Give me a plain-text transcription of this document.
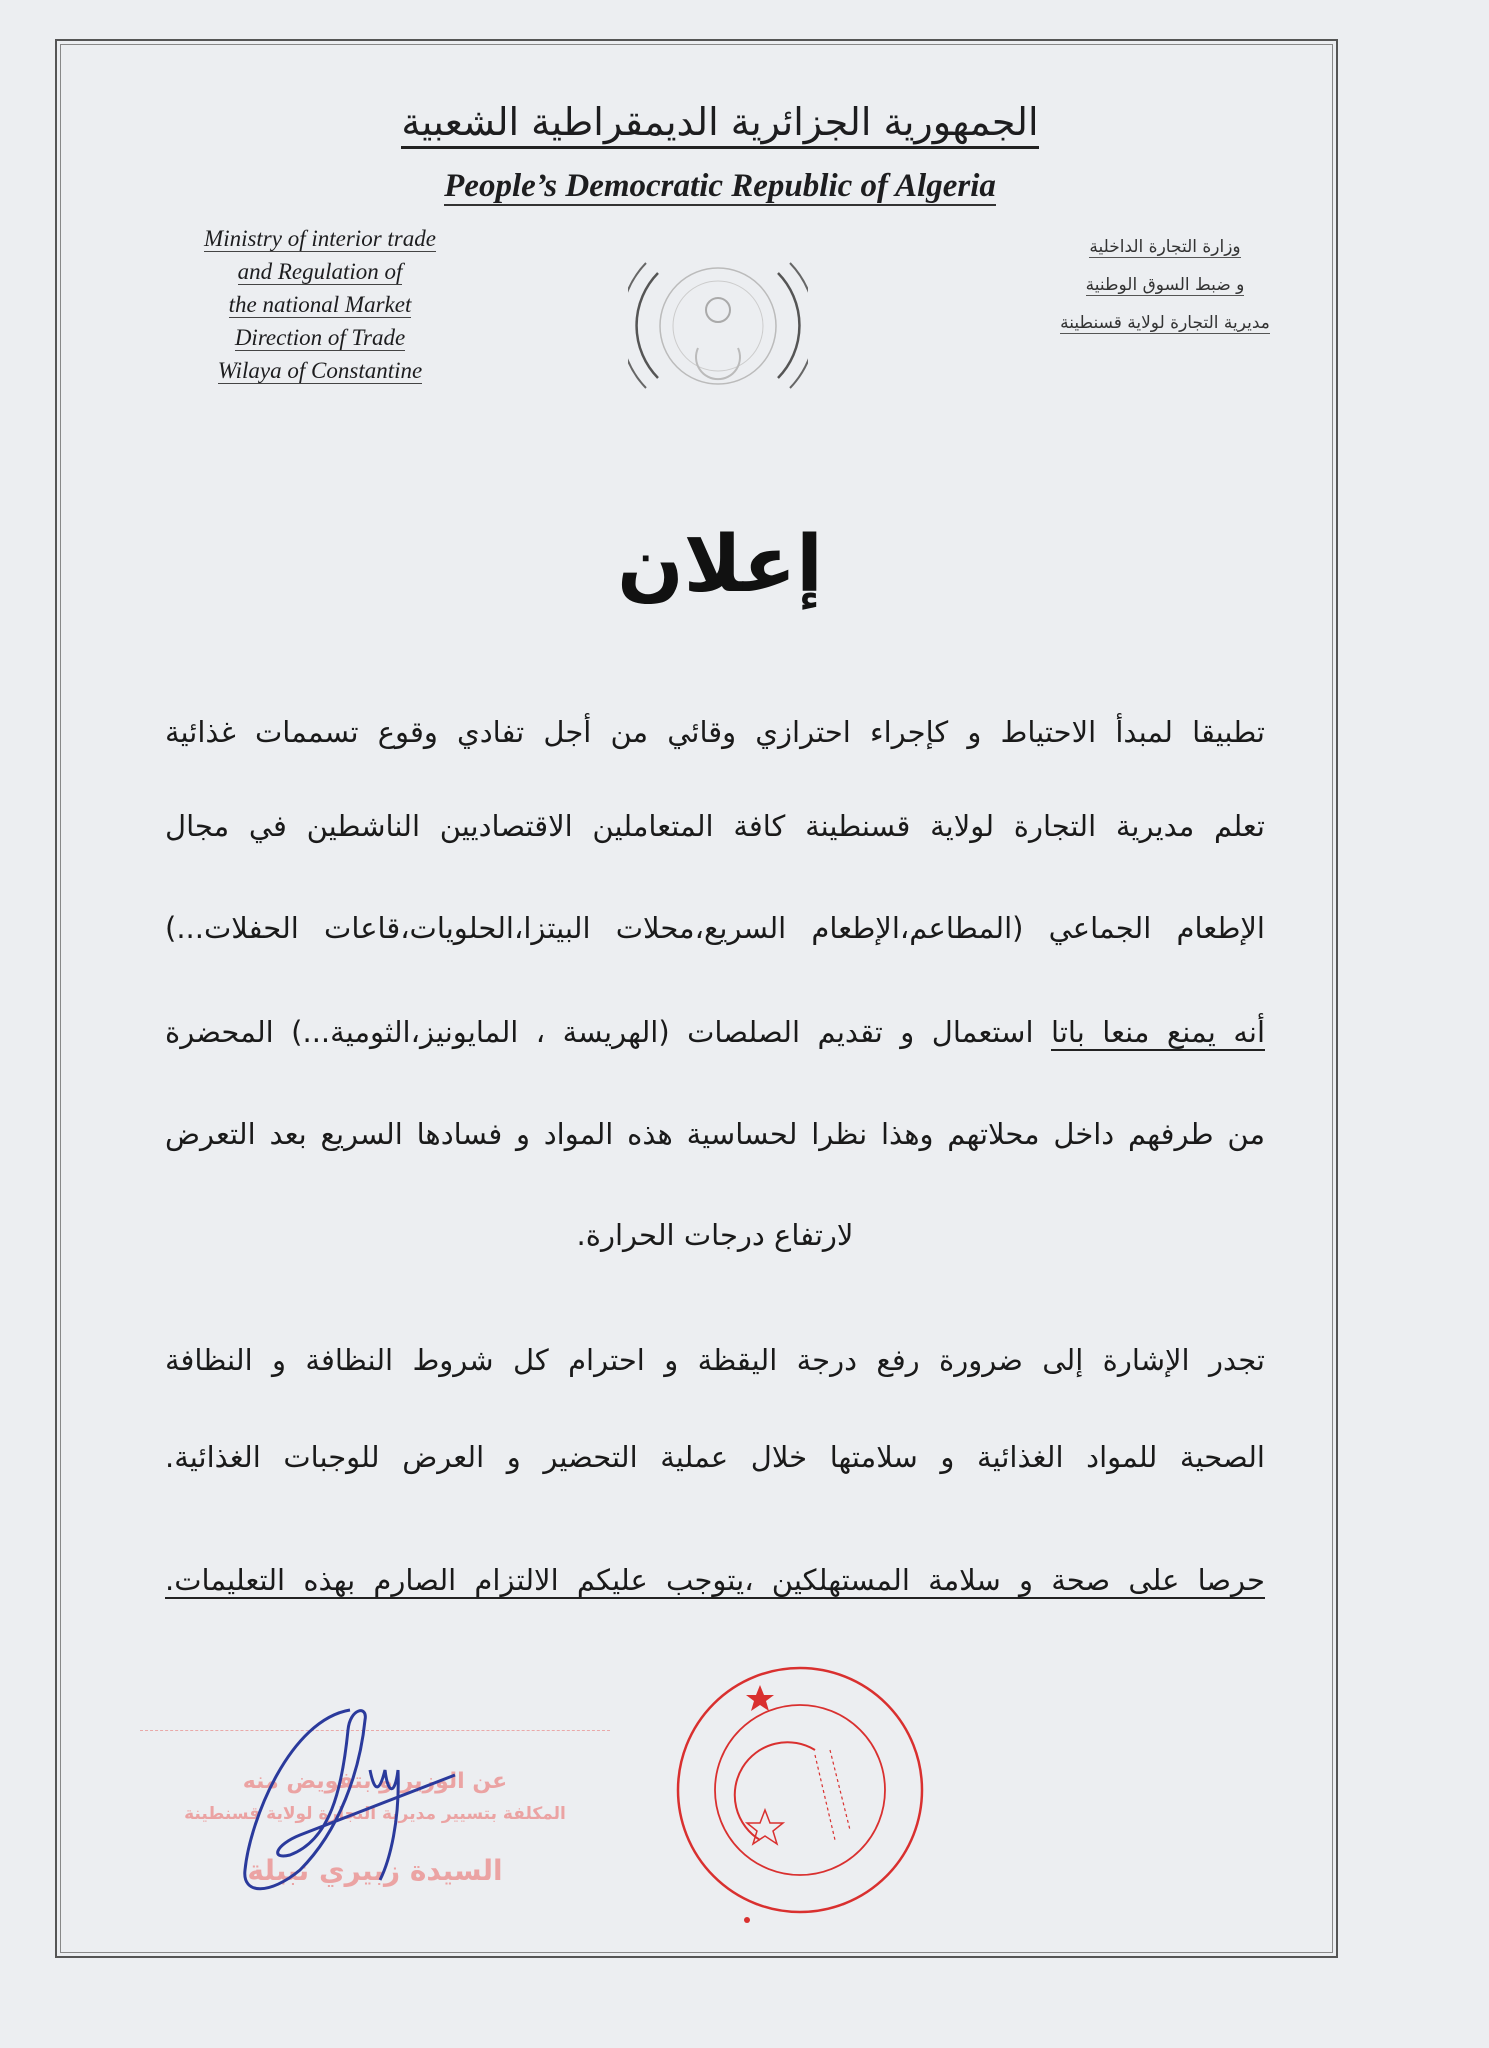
الجمهورية الجزائرية الديمقراطية الشعبية
People’s Democratic Republic of Algeria
Ministry of interior trade
and Regulation of
the national Market
Direction of Trade
Wilaya of Constantine
وزارة التجارة الداخلية
و ضبط السوق الوطنية
مديرية التجارة لولاية قسنطينة
إعلان
تطبيقا لمبدأ الاحتياط و كإجراء احترازي وقائي من أجل تفادي وقوع تسممات غذائية
تعلم مديرية التجارة لولاية قسنطينة كافة المتعاملين الاقتصاديين الناشطين في مجال
الإطعام الجماعي (المطاعم،الإطعام السريع،محلات البيتزا،الحلويات،قاعات الحفلات...)
أنه يمنع منعا باتا استعمال و تقديم الصلصات (الهريسة ، المايونيز،الثومية...) المحضرة
من طرفهم داخل محلاتهم وهذا نظرا لحساسية هذه المواد و فسادها السريع بعد التعرض
لارتفاع درجات الحرارة.
تجدر الإشارة إلى ضرورة رفع درجة اليقظة و احترام كل شروط النظافة و النظافة
الصحية للمواد الغذائية و سلامتها خلال عملية التحضير و العرض للوجبات الغذائية.
حرصا على صحة و سلامة المستهلكين ،يتوجب عليكم الالتزام الصارم بهذه التعليمات.
عن الوزير و بتفويض منه
المكلفة بتسيير مديرية التجارة لولاية قسنطينة
السيدة زبيري نبيلة
